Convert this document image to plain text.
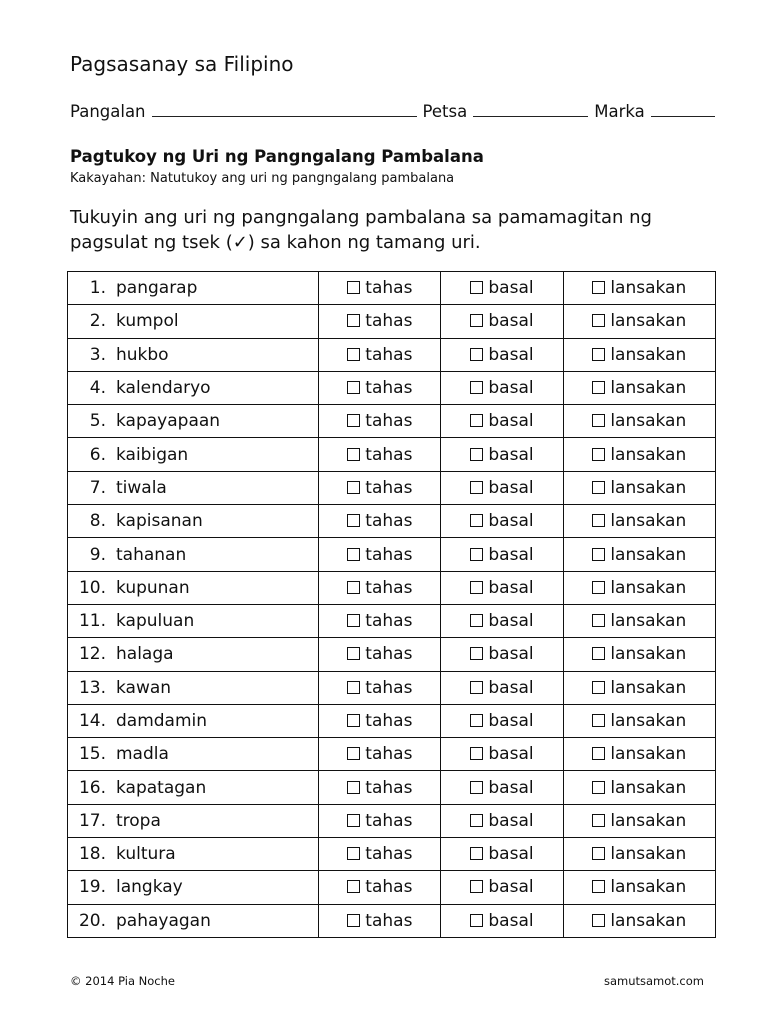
Pagsasanay sa Filipino
Pangalan	Petsa	Marka
Pagtukoy ng Uri ng Pangngalang Pambalana
Kakayahan: Natutukoy ang uri ng pangngalang pambalana
Tukuyin ang uri ng pangngalang pambalana sa pamamagitan ng pagsulat ng tsek (✓) sa kahon ng tamang uri.
1. pangarap	tahas	basal	lansakan
2. kumpol	tahas	basal	lansakan
3. hukbo	tahas	basal	lansakan
4. kalendaryo	tahas	basal	lansakan
5. kapayapaan	tahas	basal	lansakan
6. kaibigan	tahas	basal	lansakan
7. tiwala	tahas	basal	lansakan
8. kapisanan	tahas	basal	lansakan
9. tahanan	tahas	basal	lansakan
10. kupunan	tahas	basal	lansakan
11. kapuluan	tahas	basal	lansakan
12. halaga	tahas	basal	lansakan
13. kawan	tahas	basal	lansakan
14. damdamin	tahas	basal	lansakan
15. madla	tahas	basal	lansakan
16. kapatagan	tahas	basal	lansakan
17. tropa	tahas	basal	lansakan
18. kultura	tahas	basal	lansakan
19. langkay	tahas	basal	lansakan
20. pahayagan	tahas	basal	lansakan
© 2014 Pia Noche	samutsamot.com
